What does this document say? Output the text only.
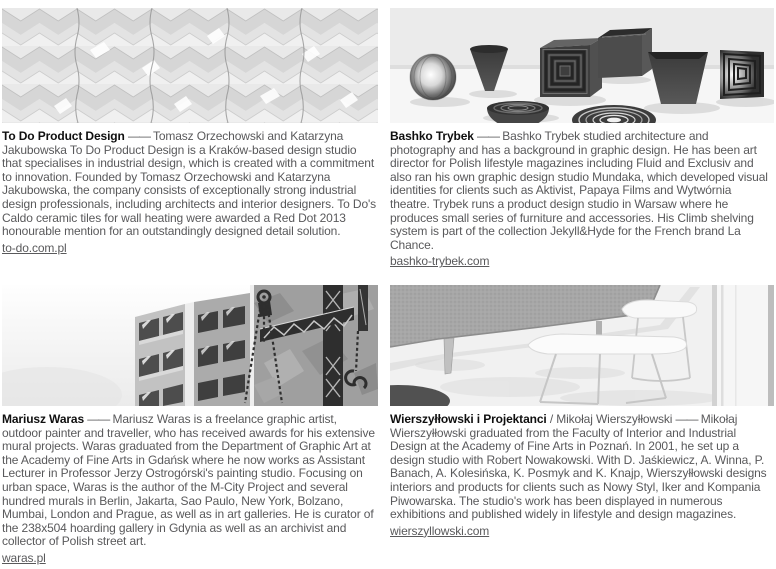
To Do Product Design —— Tomasz Orzechowski and Katarzyna Jakubowska To Do Product Design is a Kraków-based design studio that specialises in industrial design, which is created with a commitment to innovation. Founded by Tomasz Orzechowski and Katarzyna Jakubowska, the company consists of exceptionally strong industrial design professionals, including architects and interior designers. To Do's Caldo ceramic tiles for wall heating were awarded a Red Dot 2013 honourable mention for an outstandingly designed detail solution.

to-do.com.pl

Bashko Trybek —— Bashko Trybek studied architecture and photography and has a background in graphic design. He has been art director for Polish lifestyle magazines including Fluid and Exclusiv and also ran his own graphic design studio Mundaka, which developed visual identities for clients such as Aktivist, Papaya Films and Wytwórnia theatre. Trybek runs a product design studio in Warsaw where he produces small series of furniture and accessories. His Climb shelving system is part of the collection Jekyll&Hyde for the French brand La Chance.

bashko-trybek.com

Mariusz Waras —— Mariusz Waras is a freelance graphic artist, outdoor painter and traveller, who has received awards for his extensive mural projects. Waras graduated from the Department of Graphic Art at the Academy of Fine Arts in Gdańsk where he now works as Assistant Lecturer in Professor Jerzy Ostrogórski's painting studio. Focusing on urban space, Waras is the author of the M-City Project and several hundred murals in Berlin, Jakarta, Sao Paulo, New York, Bolzano, Mumbai, London and Prague, as well as in art galleries. He is curator of the 238x504 hoarding gallery in Gdynia as well as an archivist and collector of Polish street art.

waras.pl

Wierszyłłowski i Projektanci / Mikołaj Wierszyłłowski —— Mikołaj Wierszyłłowski graduated from the Faculty of Interior and Industrial Design at the Academy of Fine Arts in Poznań. In 2001, he set up a design studio with Robert Nowakowski. With D. Jaśkiewicz, A. Winna, P. Banach, A. Kolesińska, K. Posmyk and K. Knajp, Wierszyłłowski designs interiors and products for clients such as Nowy Styl, Iker and Kompania Piwowarska. The studio's work has been displayed in numerous exhibitions and published widely in lifestyle and design magazines.

wierszyllowski.com
